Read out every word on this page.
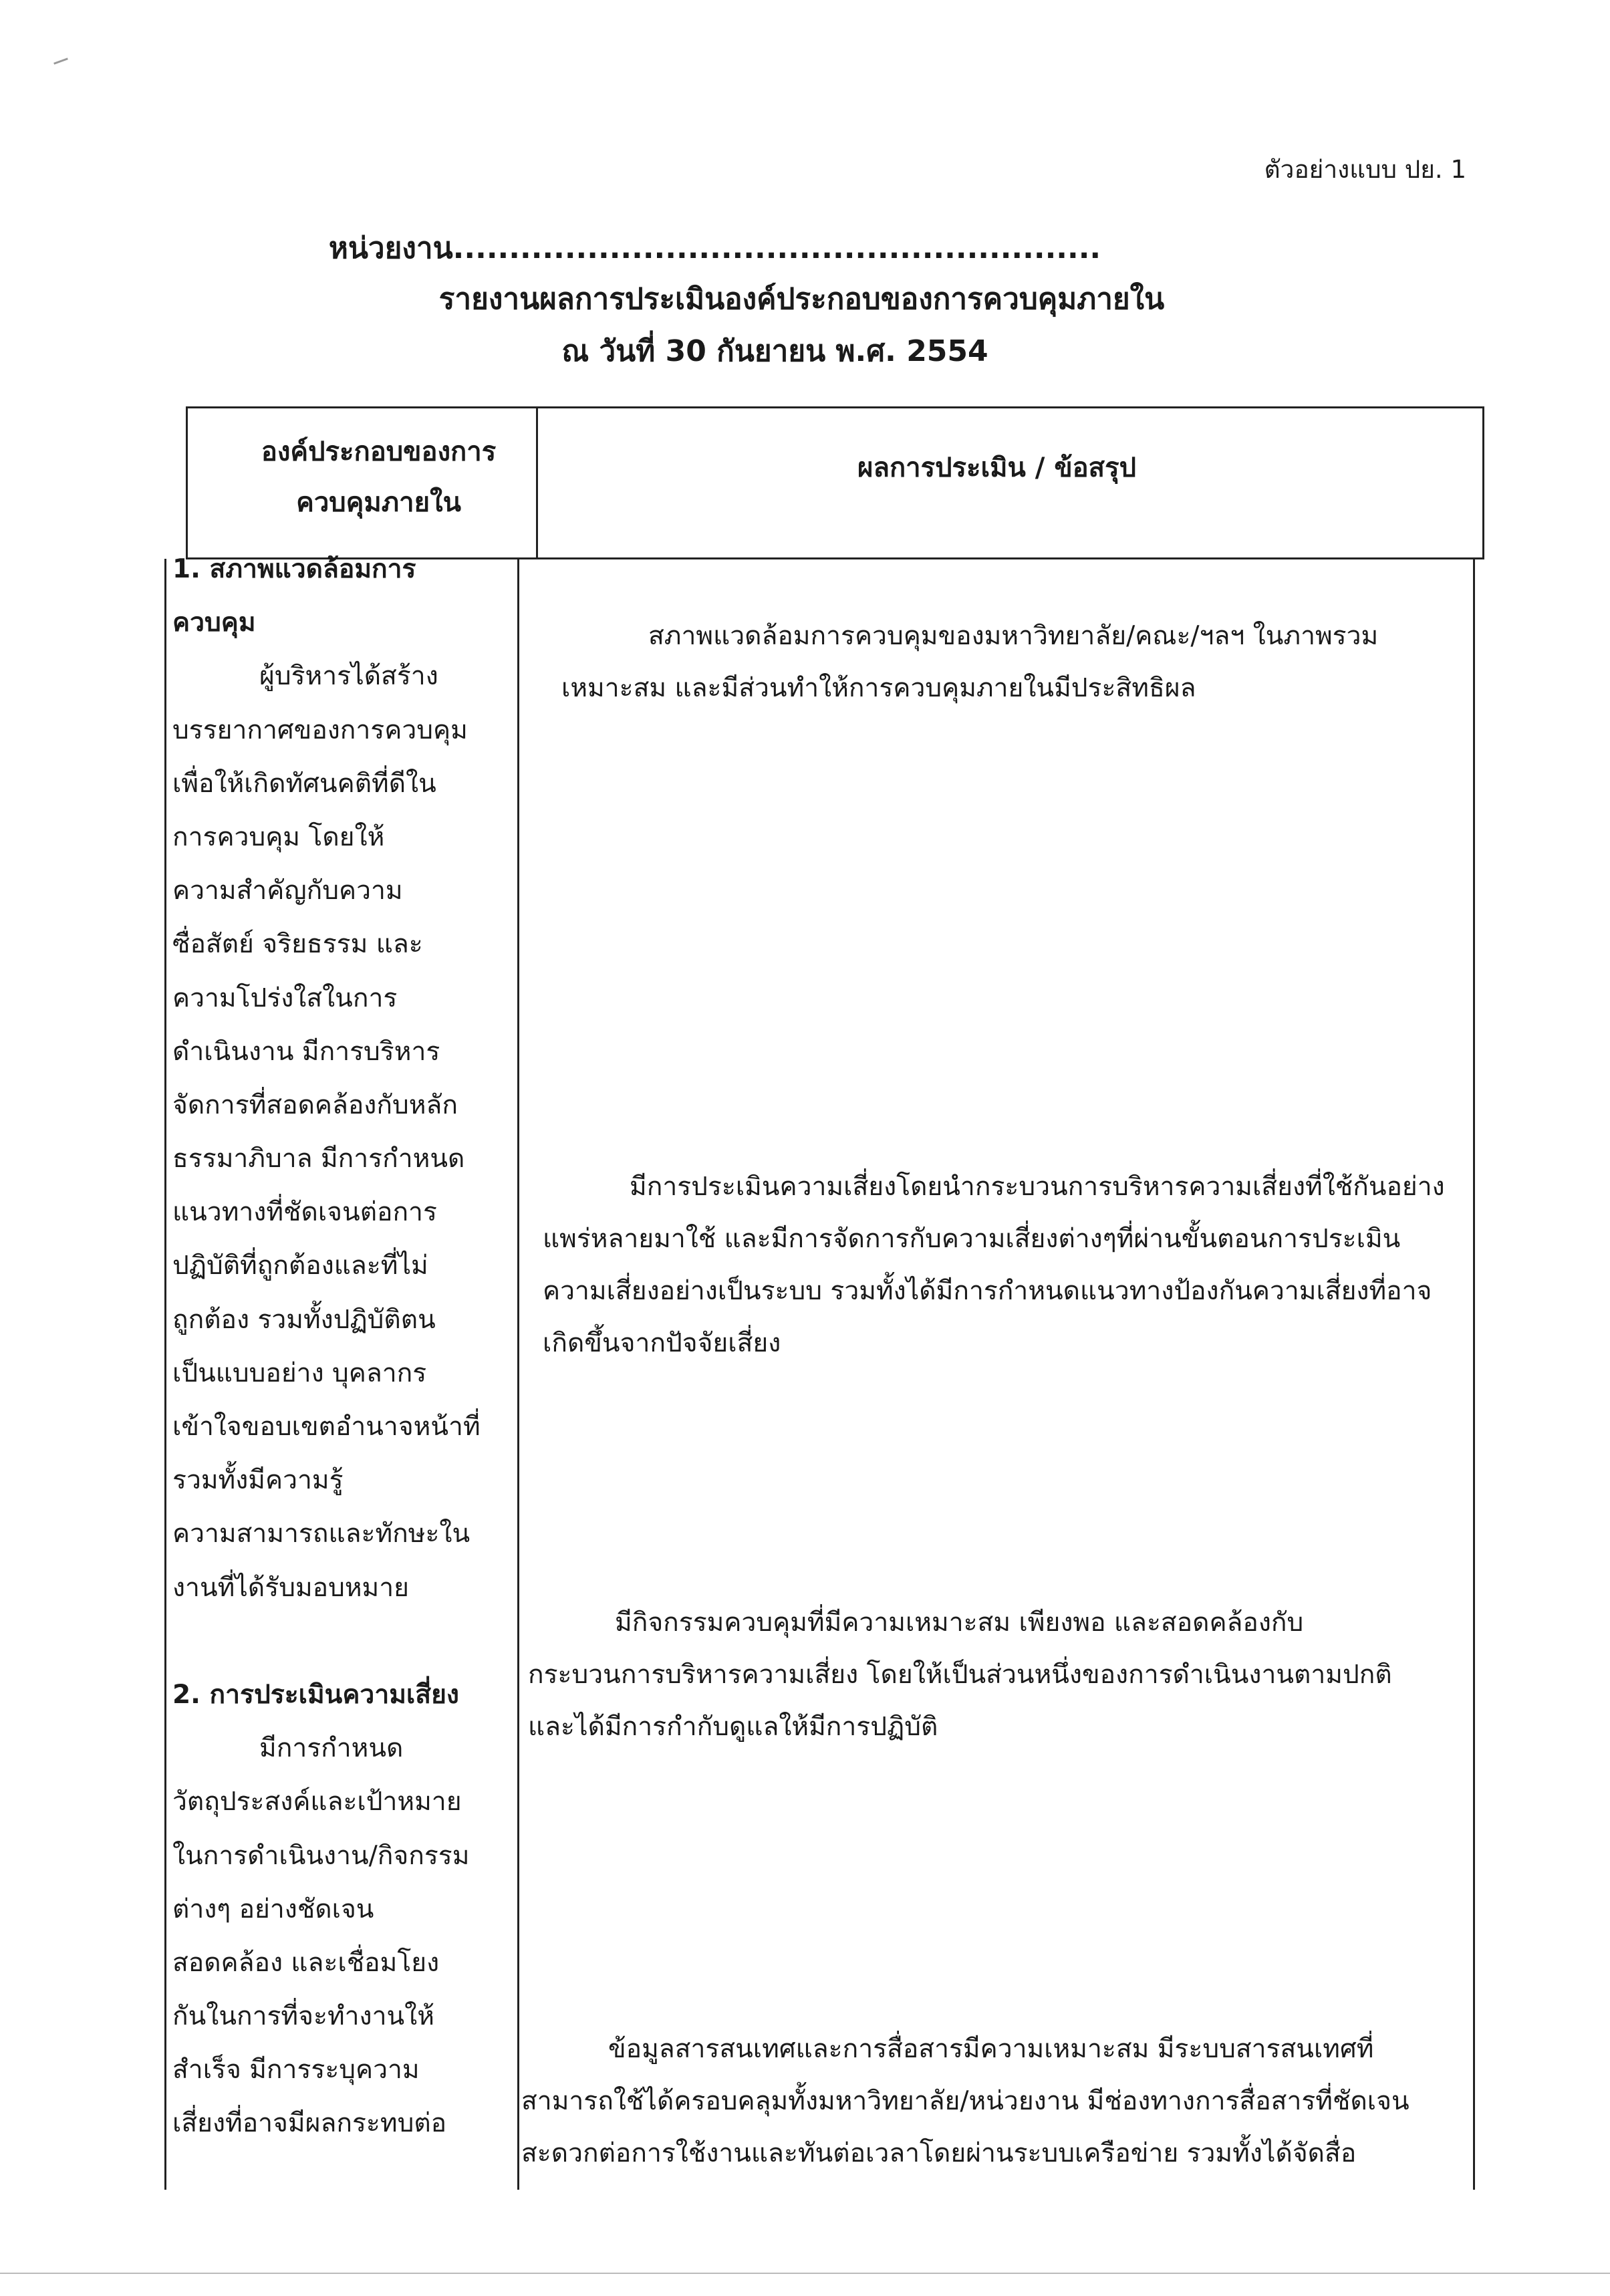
ตัวอย่างแบบ ปย. 1
หน่วยงาน..........................................................
รายงานผลการประเมินองค์ประกอบของการควบคุมภายใน
ณ วันที่ 30 กันยายน พ.ศ. 2554
องค์ประกอบของการ
ควบคุมภายใน
ผลการประเมิน / ข้อสรุป
1. สภาพแวดล้อมการ
ควบคุม
ผู้บริหารได้สร้าง
บรรยากาศของการควบคุม
เพื่อให้เกิดทัศนคติที่ดีใน
การควบคุม โดยให้
ความสำคัญกับความ
ซื่อสัตย์ จริยธรรม และ
ความโปร่งใสในการ
ดำเนินงาน มีการบริหาร
จัดการที่สอดคล้องกับหลัก
ธรรมาภิบาล มีการกำหนด
แนวทางที่ชัดเจนต่อการ
ปฏิบัติที่ถูกต้องและที่ไม่
ถูกต้อง รวมทั้งปฏิบัติตน
เป็นแบบอย่าง บุคลากร
เข้าใจขอบเขตอำนาจหน้าที่
รวมทั้งมีความรู้
ความสามารถและทักษะใน
งานที่ได้รับมอบหมาย
2. การประเมินความเสี่ยง
มีการกำหนด
วัตถุประสงค์และเป้าหมาย
ในการดำเนินงาน/กิจกรรม
ต่างๆ อย่างชัดเจน
สอดคล้อง และเชื่อมโยง
กันในการที่จะทำงานให้
สำเร็จ มีการระบุความ
เสี่ยงที่อาจมีผลกระทบต่อ
สภาพแวดล้อมการควบคุมของมหาวิทยาลัย/คณะ/ฯลฯ ในภาพรวม
เหมาะสม และมีส่วนทำให้การควบคุมภายในมีประสิทธิผล
มีการประเมินความเสี่ยงโดยนำกระบวนการบริหารความเสี่ยงที่ใช้กันอย่าง
แพร่หลายมาใช้ และมีการจัดการกับความเสี่ยงต่างๆที่ผ่านขั้นตอนการประเมิน
ความเสี่ยงอย่างเป็นระบบ รวมทั้งได้มีการกำหนดแนวทางป้องกันความเสี่ยงที่อาจ
เกิดขึ้นจากปัจจัยเสี่ยง
มีกิจกรรมควบคุมที่มีความเหมาะสม เพียงพอ และสอดคล้องกับ
กระบวนการบริหารความเสี่ยง โดยให้เป็นส่วนหนึ่งของการดำเนินงานตามปกติ
และได้มีการกำกับดูแลให้มีการปฏิบัติ
ข้อมูลสารสนเทศและการสื่อสารมีความเหมาะสม มีระบบสารสนเทศที่
สามารถใช้ได้ครอบคลุมทั้งมหาวิทยาลัย/หน่วยงาน มีช่องทางการสื่อสารที่ชัดเจน
สะดวกต่อการใช้งานและทันต่อเวลาโดยผ่านระบบเครือข่าย รวมทั้งได้จัดสื่อ
